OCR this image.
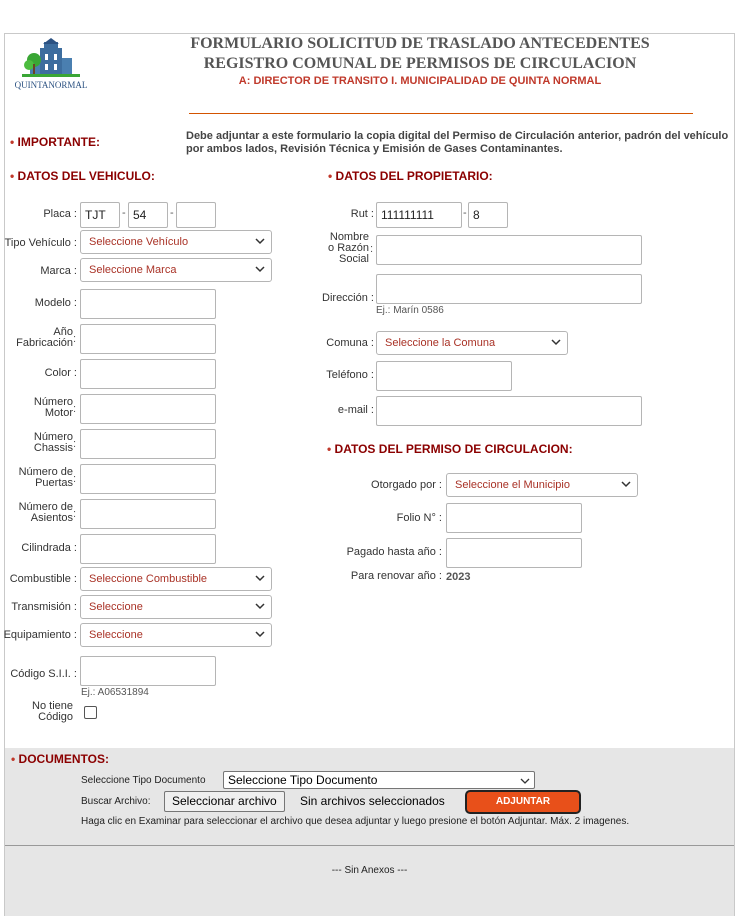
QUINTANORMAL
FORMULARIO SOLICITUD DE TRASLADO ANTECEDENTES
REGISTRO COMUNAL DE PERMISOS DE CIRCULACION
A: DIRECTOR DE TRANSITO I. MUNICIPALIDAD DE QUINTA NORMAL
• IMPORTANTE:	Debe adjuntar a este formulario la copia digital del Permiso de Circulación anterior, padrón del vehículo por ambos lados, Revisión Técnica y Emisión de Gases Contaminantes.
• DATOS DEL VEHICULO:
Placa :
TJT	-
54	-
Tipo Vehículo :	Seleccione Vehículo
Marca :	Seleccione Marca
Modelo :
Año
Fabricación :
Color :
Número
Motor :
Número
Chassis :
Número de
Puertas :
Número de
Asientos :
Cilindrada :
Combustible :	Seleccione Combustible
Transmisión :	Seleccione
Equipamiento :	Seleccione
Código S.I.I. :
Ej.: A06531894
No tiene
Código
• DATOS DEL PROPIETARIO:
Rut :
111111111	-
8
Nombre
o Razón
Social
:
Dirección :
Ej.: Marín 0586
Comuna :	Seleccione la Comuna
Teléfono :
e-mail :
• DATOS DEL PERMISO DE CIRCULACION:
Otorgado por :	Seleccione el Municipio
Folio N° :
Pagado hasta año :
Para renovar año : 2023
• DOCUMENTOS:
Seleccione Tipo Documento	Seleccione Tipo Documento
Buscar Archivo:	Seleccionar archivo	Sin archivos seleccionados	ADJUNTAR
Haga clic en Examinar para seleccionar el archivo que desea adjuntar y luego presione el botón Adjuntar. Máx. 2 imagenes.
--- Sin Anexos ---
